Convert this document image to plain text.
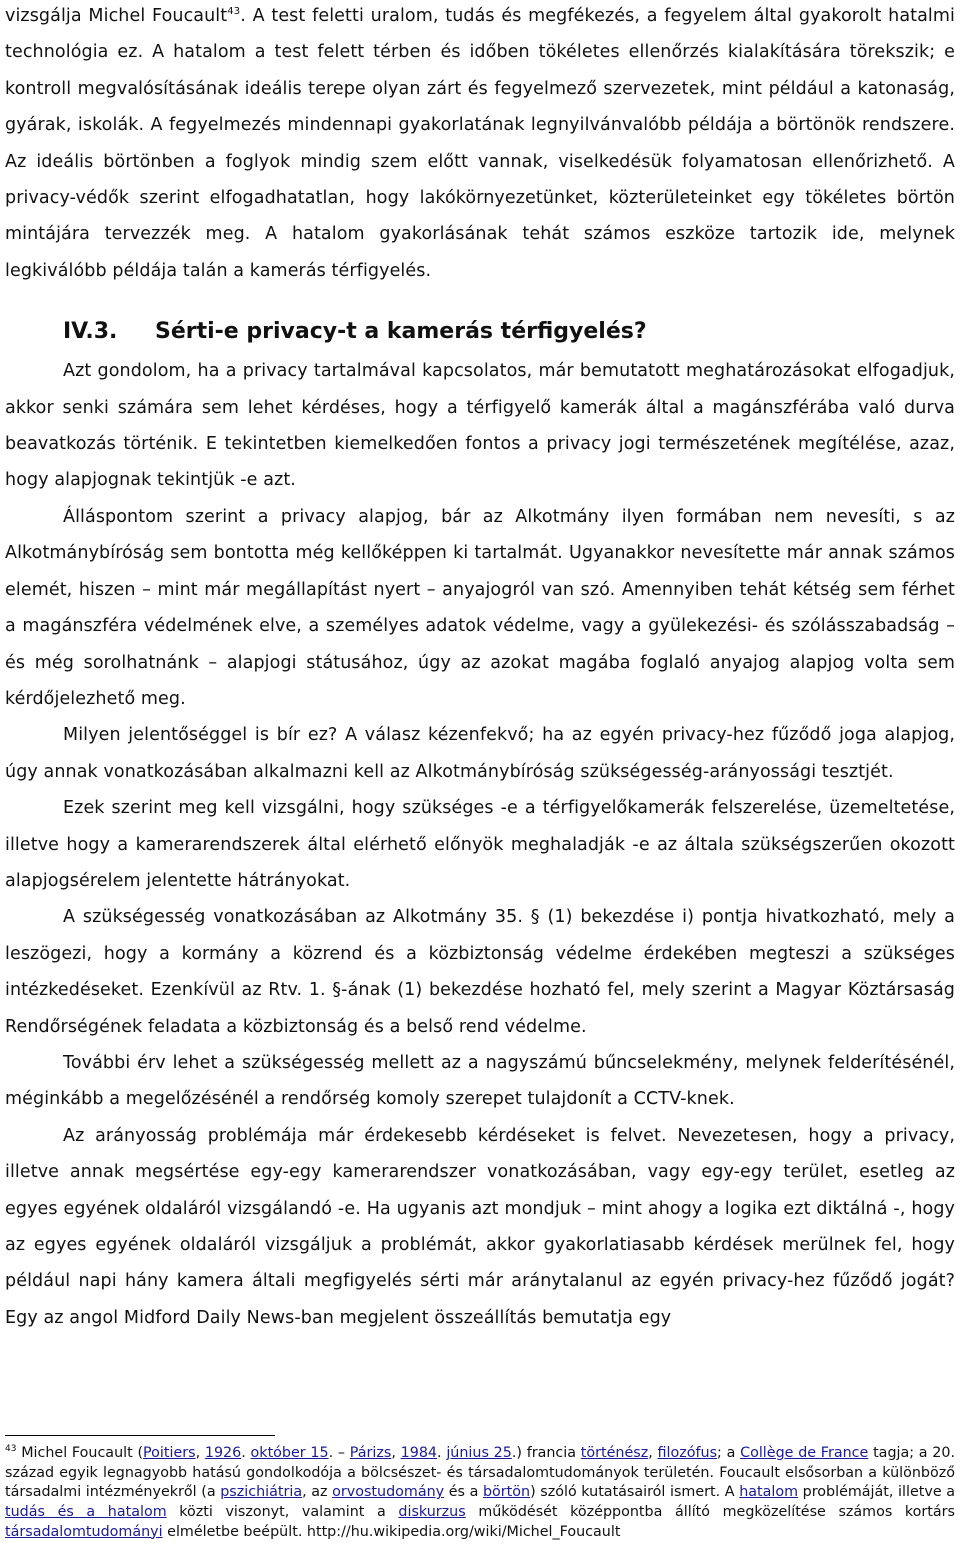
vizsgálja Michel Foucault$^{43}$. A test feletti uralom, tudás és megfékezés, a fegyelem által gyakorolt hatalmi technológia ez. A hatalom a test felett térben és időben tökéletes ellenőrzés kialakítására törekszik; e kontroll megvalósításának ideális terepe olyan zárt és fegyelmező szervezetek, mint például a katonaság, gyárak, iskolák. A fegyelmezés mindennapi gyakorlatának legnyilvánvalóbb példája a börtönök rendszere. Az ideális börtönben a foglyok mindig szem előtt vannak, viselkedésük folyamatosan ellenőrizhető. A privacy-védők szerint elfogadhatatlan, hogy lakókörnyezetünket, közterületeinket egy tökéletes börtön mintájára tervezzék meg. A hatalom gyakorlásának tehát számos eszköze tartozik ide, melynek legkiválóbb példája talán a kamerás térfigyelés.

IV.3.	Sérti-e privacy-t a kamerás térfigyelés?

Azt gondolom, ha a privacy tartalmával kapcsolatos, már bemutatott meghatározásokat elfogadjuk, akkor senki számára sem lehet kérdéses, hogy a térfigyelő kamerák által a magánszférába való durva beavatkozás történik. E tekintetben kiemelkedően fontos a privacy jogi természetének megítélése, azaz, hogy alapjognak tekintjük -e azt.

Álláspontom szerint a privacy alapjog, bár az Alkotmány ilyen formában nem nevesíti, s az Alkotmánybíróság sem bontotta még kellőképpen ki tartalmát. Ugyanakkor nevesítette már annak számos elemét, hiszen – mint már megállapítást nyert – anyajogról van szó. Amennyiben tehát kétség sem férhet a magánszféra védelmének elve, a személyes adatok védelme, vagy a gyülekezési- és szólásszabadság – és még sorolhatnánk – alapjogi státusához, úgy az azokat magába foglaló anyajog alapjog volta sem kérdőjelezhető meg.

Milyen jelentőséggel is bír ez? A válasz kézenfekvő; ha az egyén privacy-hez fűződő joga alapjog, úgy annak vonatkozásában alkalmazni kell az Alkotmánybíróság szükségesség-arányossági tesztjét.

Ezek szerint meg kell vizsgálni, hogy szükséges -e a térfigyelőkamerák felszerelése, üzemeltetése, illetve hogy a kamerarendszerek által elérhető előnyök meghaladják -e az általa szükségszerűen okozott alapjogsérelem jelentette hátrányokat.

A szükségesség vonatkozásában az Alkotmány 35. § (1) bekezdése i) pontja hivatkozható, mely a leszögezi, hogy a kormány a közrend és a közbiztonság védelme érdekében megteszi a szükséges intézkedéseket. Ezenkívül az Rtv. 1. §-ának (1) bekezdése hozható fel, mely szerint a Magyar Köztársaság Rendőrségének feladata a közbiztonság és a belső rend védelme.

További érv lehet a szükségesség mellett az a nagyszámú bűncselekmény, melynek felderítésénél, méginkább a megelőzésénél a rendőrség komoly szerepet tulajdonít a CCTV-knek.

Az arányosság problémája már érdekesebb kérdéseket is felvet. Nevezetesen, hogy a privacy, illetve annak megsértése egy-egy kamerarendszer vonatkozásában, vagy egy-egy terület, esetleg az egyes egyének oldaláról vizsgálandó -e. Ha ugyanis azt mondjuk – mint ahogy a logika ezt diktálná -, hogy az egyes egyének oldaláról vizsgáljuk a problémát, akkor gyakorlatiasabb kérdések merülnek fel, hogy például napi hány kamera általi megfigyelés sérti már aránytalanul az egyén privacy-hez fűződő jogát? Egy az angol Midford Daily News-ban megjelent összeállítás bemutatja egy

$^{43}$ Michel Foucault (Poitiers, 1926. október 15. – Párizs, 1984. június 25.) francia történész, filozófus; a Collège de France tagja; a 20. század egyik legnagyobb hatású gondolkodója a bölcsészet- és társadalomtudományok területén. Foucault elsősorban a különböző társadalmi intézményekről (a pszichiátria, az orvostudomány és a börtön) szóló kutatásairól ismert. A hatalom problémáját, illetve a tudás és a hatalom közti viszonyt, valamint a diskurzus működését középpontba állító megközelítése számos kortárs társadalomtudományi elméletbe beépült. http://hu.wikipedia.org/wiki/Michel_Foucault
